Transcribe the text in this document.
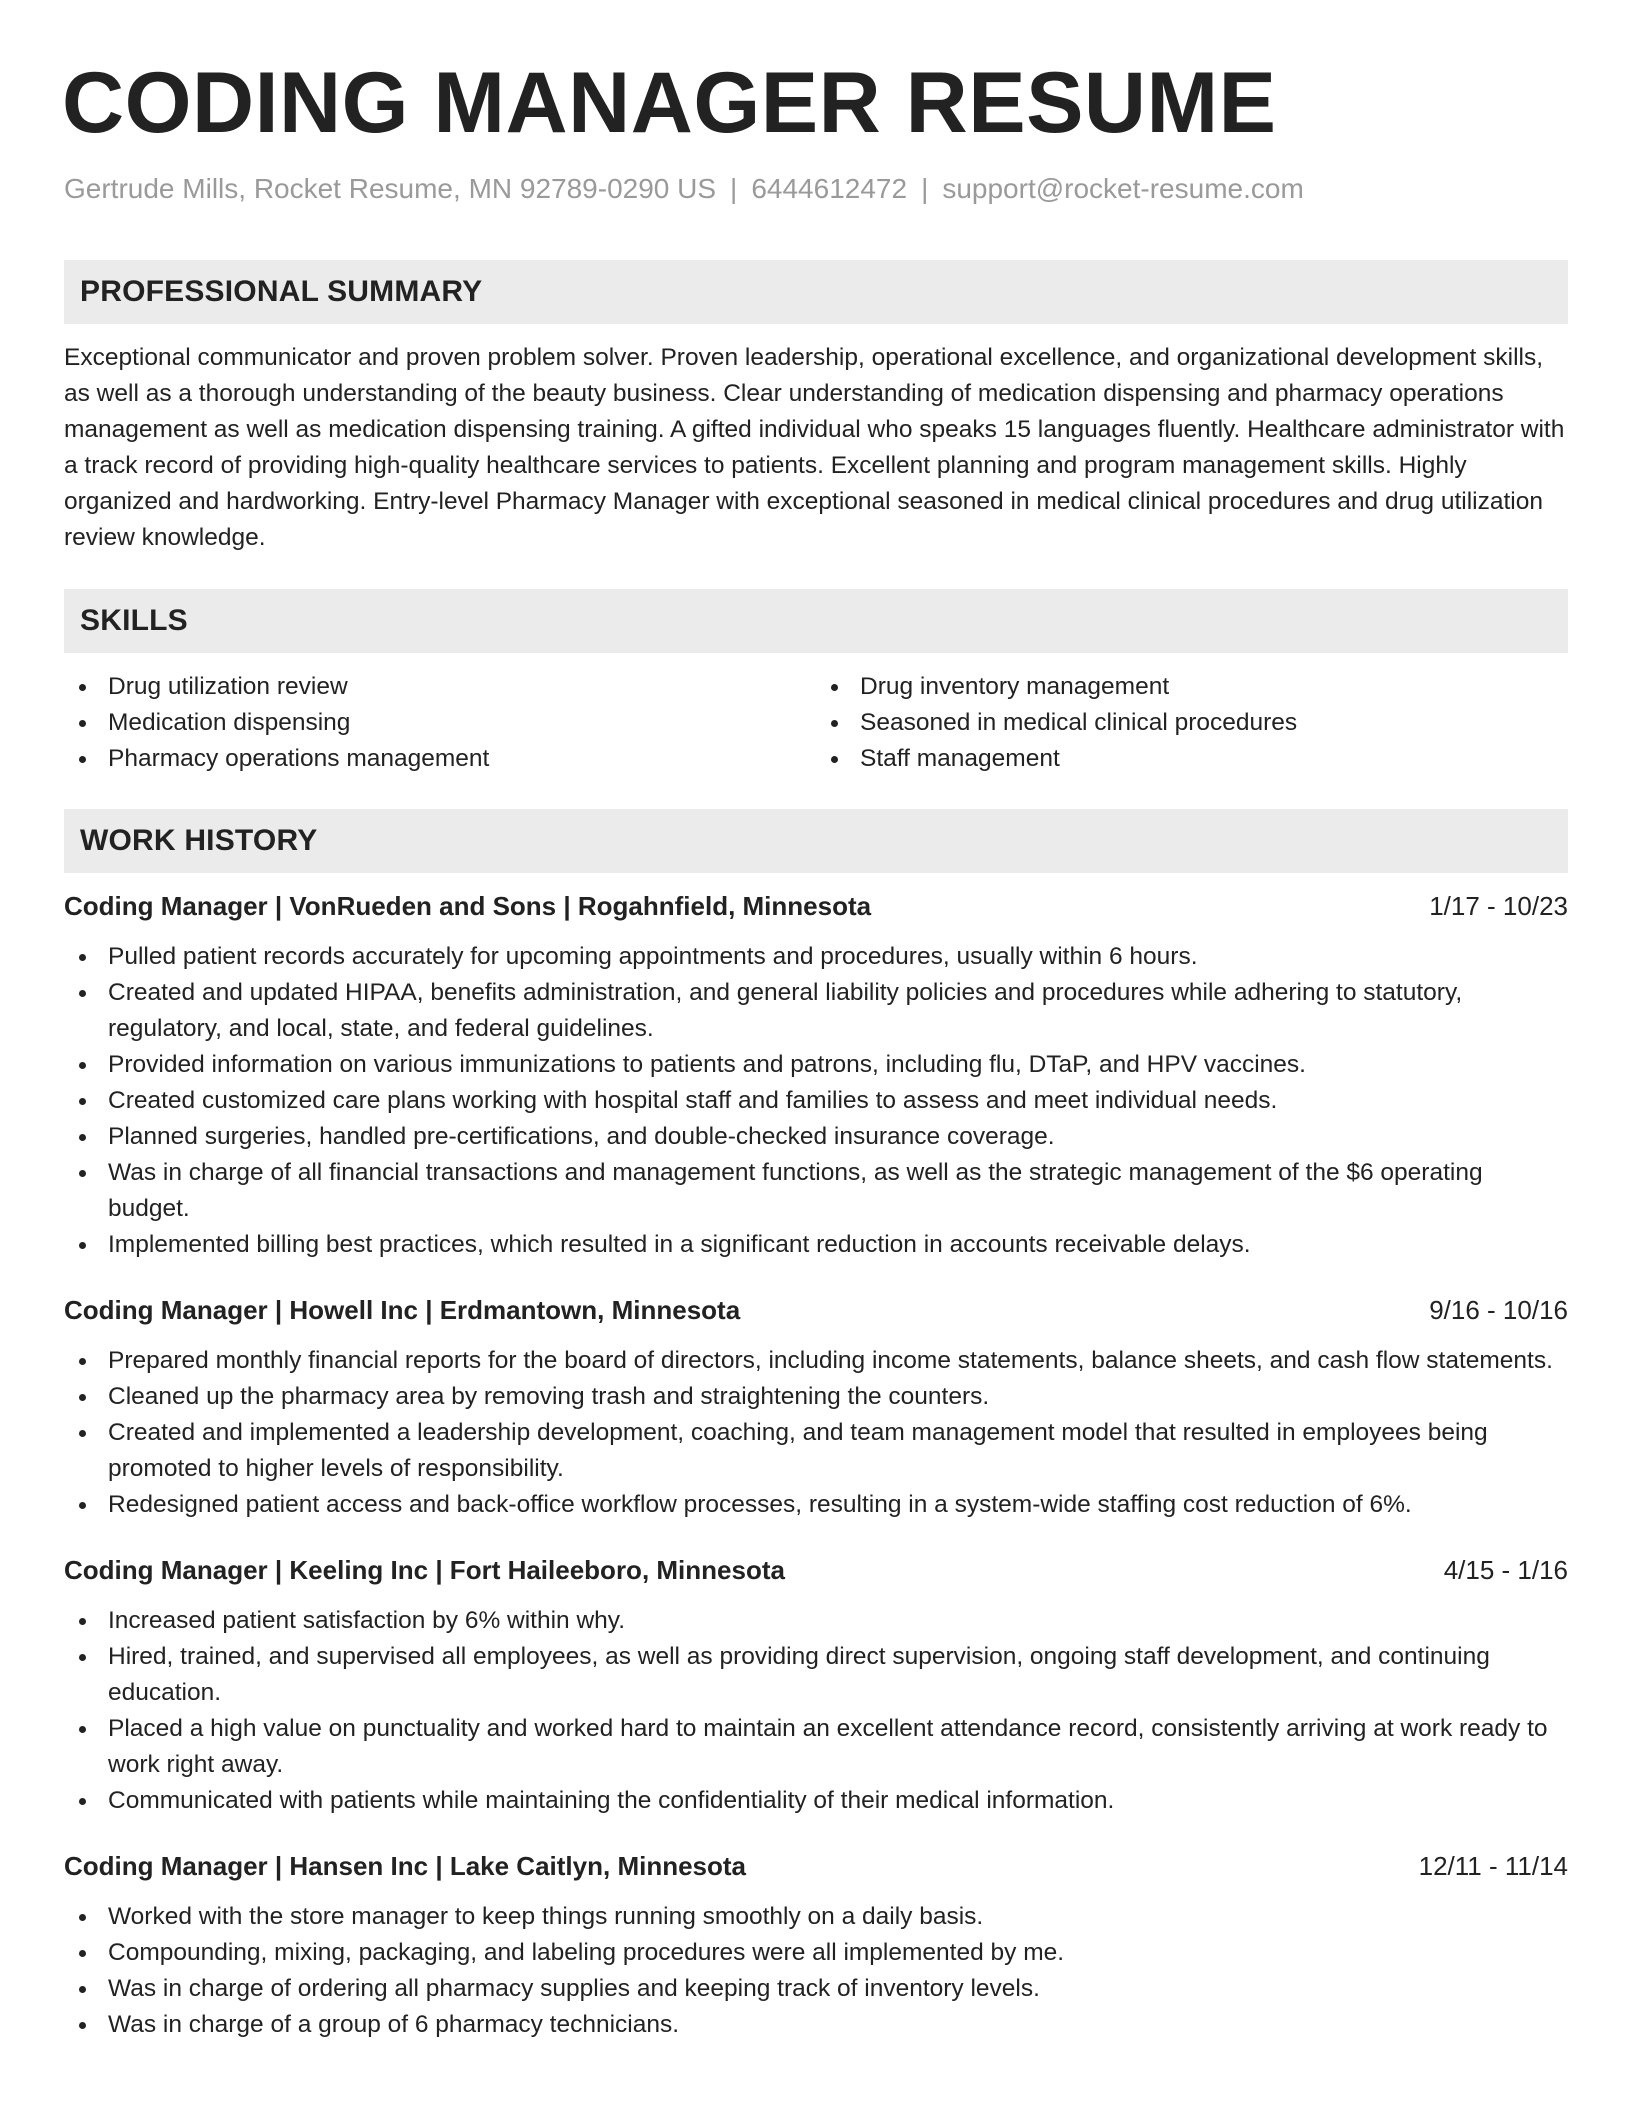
CODING MANAGER RESUME
Gertrude Mills, Rocket Resume, MN 92789-0290 US | 6444612472 | support@rocket-resume.com
PROFESSIONAL SUMMARY
Exceptional communicator and proven problem solver. Proven leadership, operational excellence, and organizational development skills, as well as a thorough understanding of the beauty business. Clear understanding of medication dispensing and pharmacy operations management as well as medication dispensing training. A gifted individual who speaks 15 languages fluently. Healthcare administrator with a track record of providing high-quality healthcare services to patients. Excellent planning and program management skills. Highly organized and hardworking. Entry-level Pharmacy Manager with exceptional seasoned in medical clinical procedures and drug utilization review knowledge.
SKILLS
Drug utilization review
Medication dispensing
Pharmacy operations management
Drug inventory management
Seasoned in medical clinical procedures
Staff management
WORK HISTORY
Coding Manager | VonRueden and Sons | Rogahnfield, Minnesota	1/17 - 10/23
Pulled patient records accurately for upcoming appointments and procedures, usually within 6 hours.
Created and updated HIPAA, benefits administration, and general liability policies and procedures while adhering to statutory, regulatory, and local, state, and federal guidelines.
Provided information on various immunizations to patients and patrons, including flu, DTaP, and HPV vaccines.
Created customized care plans working with hospital staff and families to assess and meet individual needs.
Planned surgeries, handled pre-certifications, and double-checked insurance coverage.
Was in charge of all financial transactions and management functions, as well as the strategic management of the $6 operating budget.
Implemented billing best practices, which resulted in a significant reduction in accounts receivable delays.
Coding Manager | Howell Inc | Erdmantown, Minnesota	9/16 - 10/16
Prepared monthly financial reports for the board of directors, including income statements, balance sheets, and cash flow statements.
Cleaned up the pharmacy area by removing trash and straightening the counters.
Created and implemented a leadership development, coaching, and team management model that resulted in employees being promoted to higher levels of responsibility.
Redesigned patient access and back-office workflow processes, resulting in a system-wide staffing cost reduction of 6%.
Coding Manager | Keeling Inc | Fort Haileeboro, Minnesota	4/15 - 1/16
Increased patient satisfaction by 6% within why.
Hired, trained, and supervised all employees, as well as providing direct supervision, ongoing staff development, and continuing education.
Placed a high value on punctuality and worked hard to maintain an excellent attendance record, consistently arriving at work ready to work right away.
Communicated with patients while maintaining the confidentiality of their medical information.
Coding Manager | Hansen Inc | Lake Caitlyn, Minnesota	12/11 - 11/14
Worked with the store manager to keep things running smoothly on a daily basis.
Compounding, mixing, packaging, and labeling procedures were all implemented by me.
Was in charge of ordering all pharmacy supplies and keeping track of inventory levels.
Was in charge of a group of 6 pharmacy technicians.
